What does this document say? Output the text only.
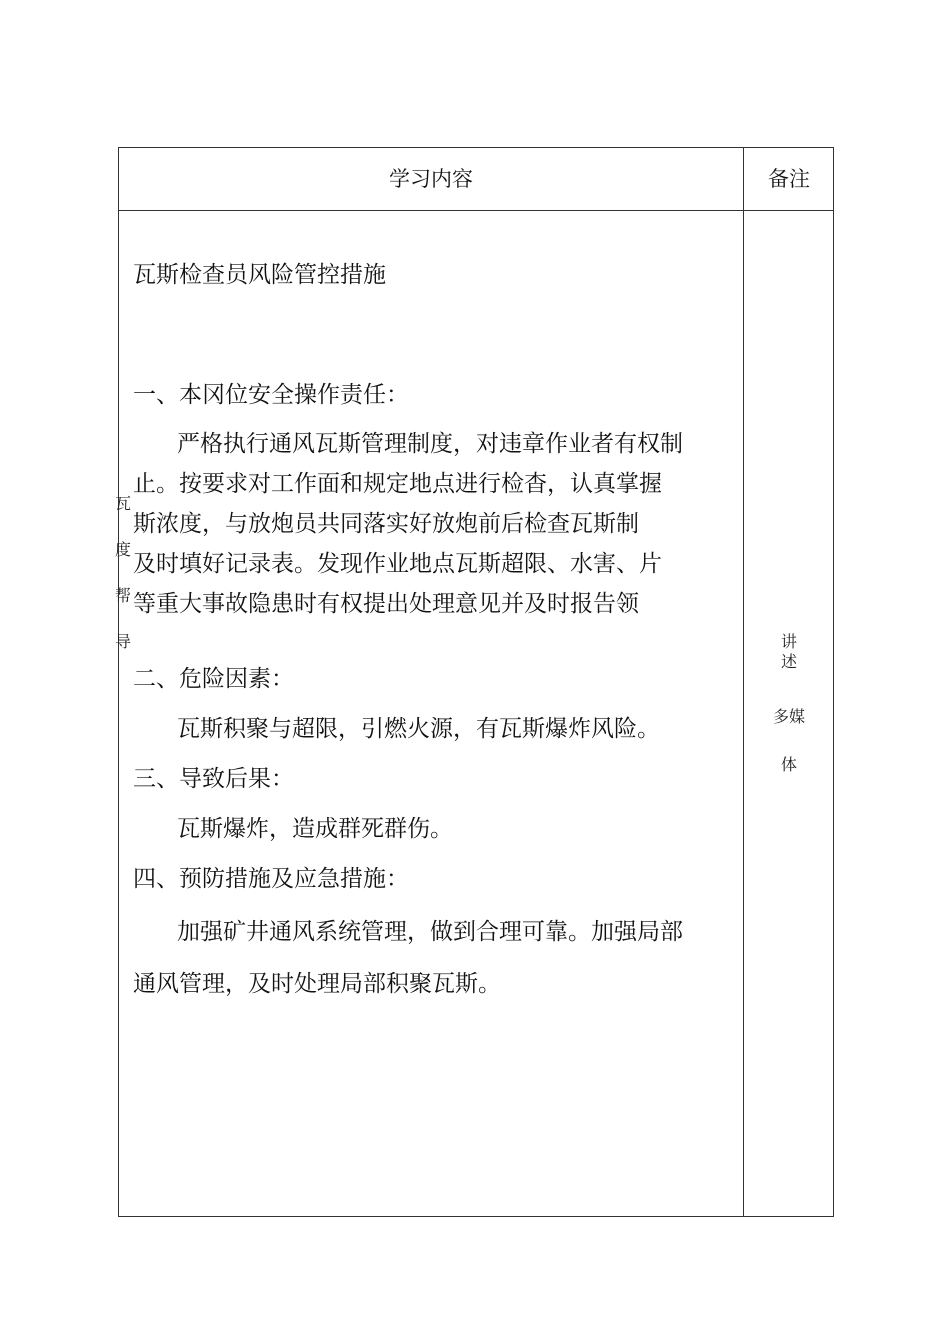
学习内容	备注
瓦斯检查员风险管控措施
一、本冈位安全操作责任：
严格执行通风瓦斯管理制度，对违章作业者有权制
止。按要求对工作面和规定地点进行检杳，认真掌握
斯浓度，与放炮员共同落实好放炮前后检查瓦斯制
及时填好记录表。发现作业地点瓦斯超限、水害、片
等重大事故隐患时有权提出处理意见并及时报告领
瓦
度
帮
导
二、危险因素：
瓦斯积聚与超限，引燃火源，有瓦斯爆炸风险。
三、导致后果：
瓦斯爆炸，造成群死群伤。
四、预防措施及应急措施：
加强矿井通风系统管理，做到合理可靠。加强局部
通风管理，及时处理局部积聚瓦斯。
讲
述
多媒
体
